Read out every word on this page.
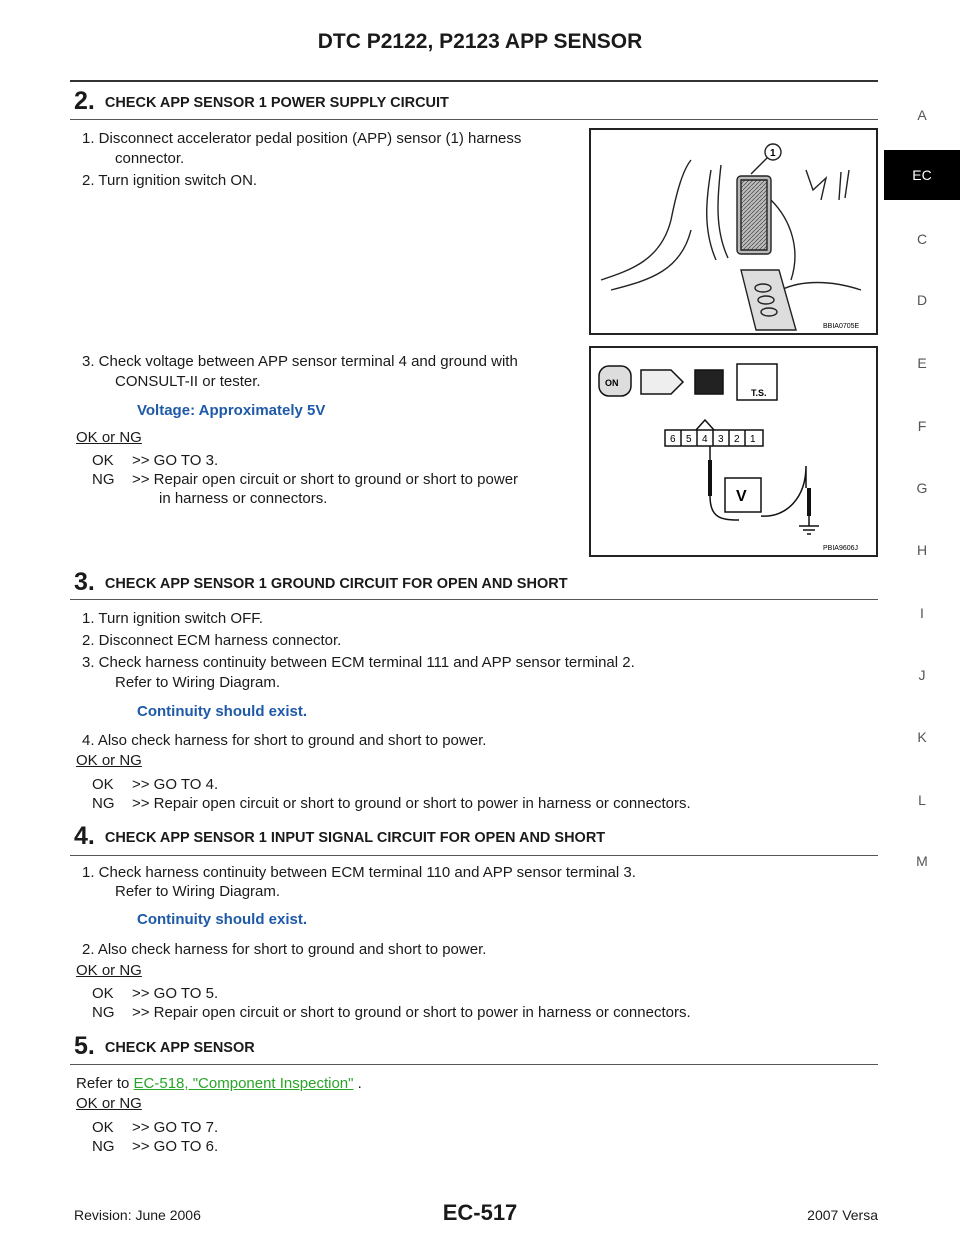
DTC P2122, P2123 APP SENSOR
A
EC
C
D
E
F
G
H
I
J
K
L
M
2. CHECK APP SENSOR 1 POWER SUPPLY CIRCUIT
1. Disconnect accelerator pedal position (APP) sensor (1) harness
connector.
2. Turn ignition switch ON.
3. Check voltage between APP sensor terminal 4 and ground with
CONSULT-II or tester.
Voltage: Approximately 5V
OK or NG
OK >> GO TO 3.
NG >> Repair open circuit or short to ground or short to power
in harness or connectors.
1
BBIA0705E
ON
T.S.
6 5 4 3 2 1
V
PBIA9606J
3. CHECK APP SENSOR 1 GROUND CIRCUIT FOR OPEN AND SHORT
1. Turn ignition switch OFF.
2. Disconnect ECM harness connector.
3. Check harness continuity between ECM terminal 111 and APP sensor terminal 2.
Refer to Wiring Diagram.
Continuity should exist.
4. Also check harness for short to ground and short to power.
OK or NG
OK >> GO TO 4.
NG >> Repair open circuit or short to ground or short to power in harness or connectors.
4. CHECK APP SENSOR 1 INPUT SIGNAL CIRCUIT FOR OPEN AND SHORT
1. Check harness continuity between ECM terminal 110 and APP sensor terminal 3.
Refer to Wiring Diagram.
Continuity should exist.
2. Also check harness for short to ground and short to power.
OK or NG
OK >> GO TO 5.
NG >> Repair open circuit or short to ground or short to power in harness or connectors.
5. CHECK APP SENSOR
Refer to EC-518, "Component Inspection" .
OK or NG
OK >> GO TO 7.
NG >> GO TO 6.
Revision: June 2006	EC-517	2007 Versa
